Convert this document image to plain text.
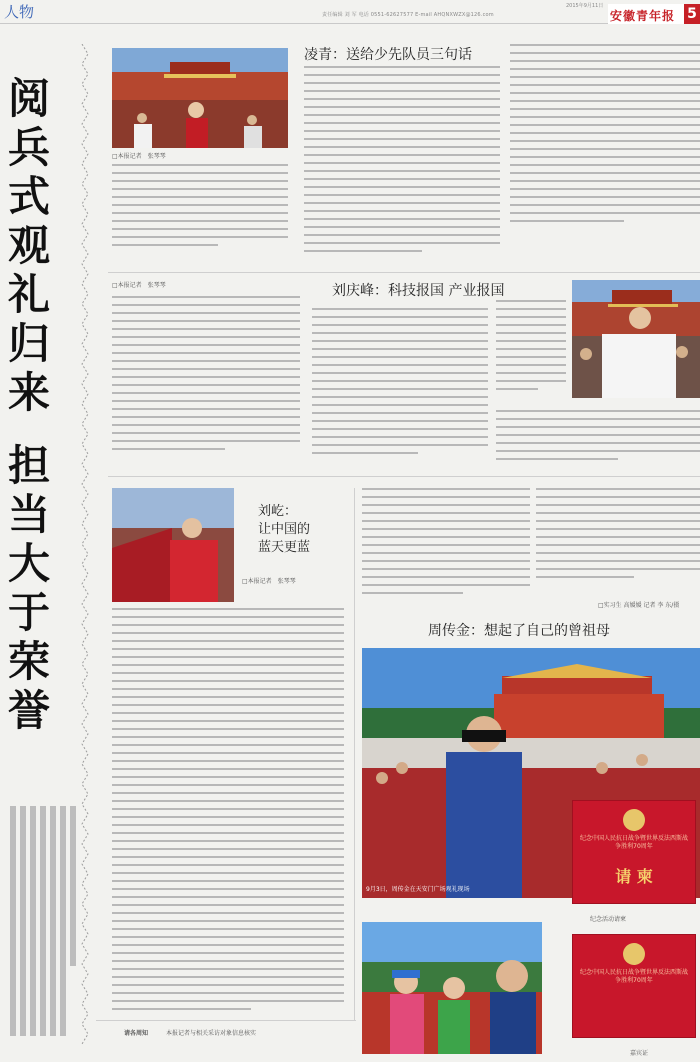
人物	2015年9月11日
责任编辑 刘 军 电话 0551-62627577 E-mail AHQNXWZX@126.com	安徽青年报 5
阅
兵
式
观
礼
归
来
担
当
大
于
荣
誉
□本报记者　张琴琴
凌青：送给少先队员三句话
□本报记者　张琴琴	刘庆峰：科技报国 产业报国
刘屹：
让中国的
蓝天更蓝
□本报记者　张琴琴
□实习生 高媛媛 记者 李 东/摄
周传金：想起了自己的曾祖母
9月3日，周传金在天安门广场观礼现场
纪念中国人民抗日战争暨世界反法西斯战争胜利70周年
请 柬
纪念活动请柬
纪念中国人民抗日战争暨世界反法西斯战争胜利70周年
嘉宾证
请各周知	本报记者与相关采访对象信息核实
